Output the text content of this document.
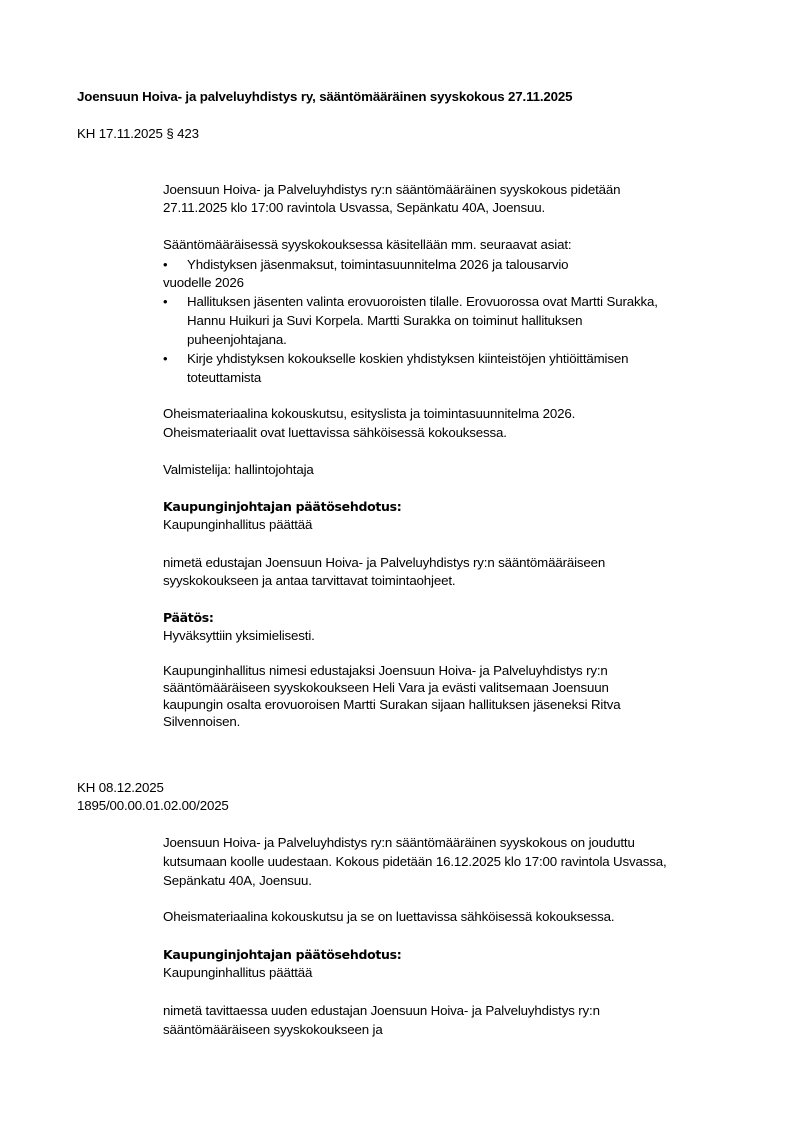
Joensuun Hoiva- ja palveluyhdistys ry, sääntömääräinen syyskokous 27.11.2025
KH 17.11.2025 § 423
Joensuun Hoiva- ja Palveluyhdistys ry:n sääntömääräinen syyskokous pidetään
27.11.2025 klo 17:00 ravintola Usvassa, Sepänkatu 40A, Joensuu.
Sääntömääräisessä syyskokouksessa käsitellään mm. seuraavat asiat:
• Yhdistyksen jäsenmaksut, toimintasuunnitelma 2026 ja talousarvio
vuodelle 2026
• Hallituksen jäsenten valinta erovuoroisten tilalle. Erovuorossa ovat Martti Surakka,
Hannu Huikuri ja Suvi Korpela. Martti Surakka on toiminut hallituksen
puheenjohtajana.
• Kirje yhdistyksen kokoukselle koskien yhdistyksen kiinteistöjen yhtiöittämisen
toteuttamista
Oheismateriaalina kokouskutsu, esityslista ja toimintasuunnitelma 2026.
Oheismateriaalit ovat luettavissa sähköisessä kokouksessa.
Valmistelija: hallintojohtaja
Kaupunginjohtajan päätösehdotus:
Kaupunginhallitus päättää
nimetä edustajan Joensuun Hoiva- ja Palveluyhdistys ry:n sääntömääräiseen
syyskokoukseen ja antaa tarvittavat toimintaohjeet.
Päätös:
Hyväksyttiin yksimielisesti.
Kaupunginhallitus nimesi edustajaksi Joensuun Hoiva- ja Palveluyhdistys ry:n
sääntömääräiseen syyskokoukseen Heli Vara ja evästi valitsemaan Joensuun
kaupungin osalta erovuoroisen Martti Surakan sijaan hallituksen jäseneksi Ritva
Silvennoisen.
KH 08.12.2025
1895/00.00.01.02.00/2025
Joensuun Hoiva- ja Palveluyhdistys ry:n sääntömääräinen syyskokous on jouduttu
kutsumaan koolle uudestaan. Kokous pidetään 16.12.2025 klo 17:00 ravintola Usvassa,
Sepänkatu 40A, Joensuu.
Oheismateriaalina kokouskutsu ja se on luettavissa sähköisessä kokouksessa.
Kaupunginjohtajan päätösehdotus:
Kaupunginhallitus päättää
nimetä tavittaessa uuden edustajan Joensuun Hoiva- ja Palveluyhdistys ry:n
sääntömääräiseen syyskokoukseen ja
